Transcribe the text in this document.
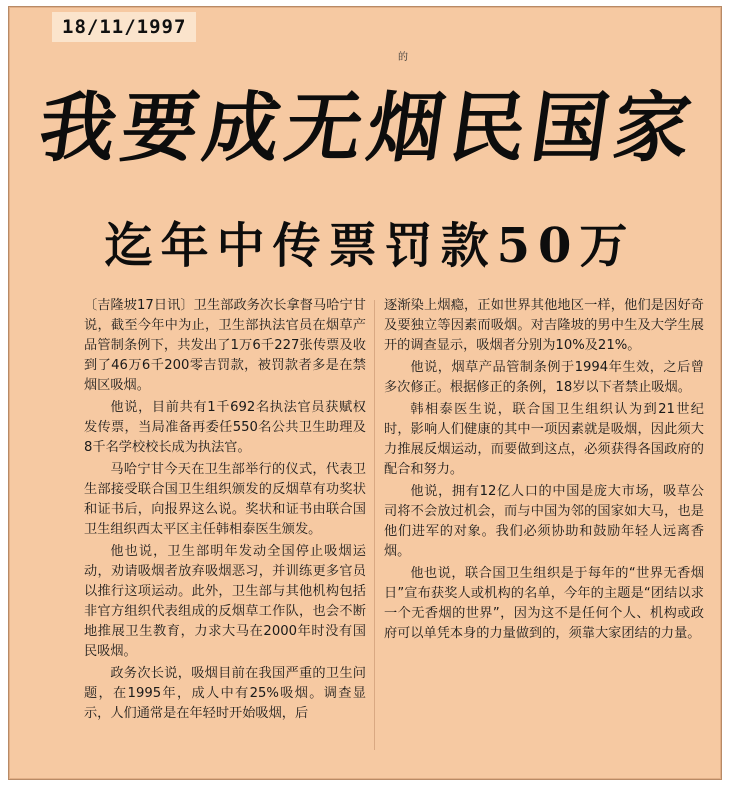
18/11/1997
的
我要成无烟民国家
迄年中传票罚款50万

〔吉隆坡17日讯〕卫生部政务次长拿督马哈宁甘说，截至今年中为止，卫生部执法官员在烟草产品管制条例下，共发出了1万6千227张传票及收到了46万6千200零吉罚款，被罚款者多是在禁烟区吸烟。

他说，目前共有1千692名执法官员获赋权发传票，当局准备再委任550名公共卫生助理及8千名学校校长成为执法官。

马哈宁甘今天在卫生部举行的仪式，代表卫生部接受联合国卫生组织颁发的反烟草有功奖状和证书后，向报界这么说。奖状和证书由联合国卫生组织西太平区主任韩相泰医生颁发。

他也说，卫生部明年发动全国停止吸烟运动，劝请吸烟者放弃吸烟恶习，并训练更多官员以推行这项运动。此外，卫生部与其他机构包括非官方组织代表组成的反烟草工作队，也会不断地推展卫生教育，力求大马在2000年时没有国民吸烟。

政务次长说，吸烟目前在我国严重的卫生问题，在1995年，成人中有25%吸烟。调查显示，人们通常是在年轻时开始吸烟，后

逐渐染上烟瘾，正如世界其他地区一样，他们是因好奇及要独立等因素而吸烟。对吉隆坡的男中生及大学生展开的调查显示，吸烟者分别为10%及21%。

他说，烟草产品管制条例于1994年生效，之后曾多次修正。根据修正的条例，18岁以下者禁止吸烟。

韩相泰医生说，联合国卫生组织认为到21世纪时，影响人们健康的其中一项因素就是吸烟，因此须大力推展反烟运动，而要做到这点，必须获得各国政府的配合和努力。

他说，拥有12亿人口的中国是庞大市场，吸草公司将不会放过机会，而与中国为邻的国家如大马，也是他们进军的对象。我们必须协助和鼓励年轻人远离香烟。

他也说，联合国卫生组织是于每年的“世界无香烟日”宣布获奖人或机构的名单，今年的主题是“团结以求一个无香烟的世界”，因为这不是任何个人、机构或政府可以单凭本身的力量做到的，须靠大家团结的力量。
